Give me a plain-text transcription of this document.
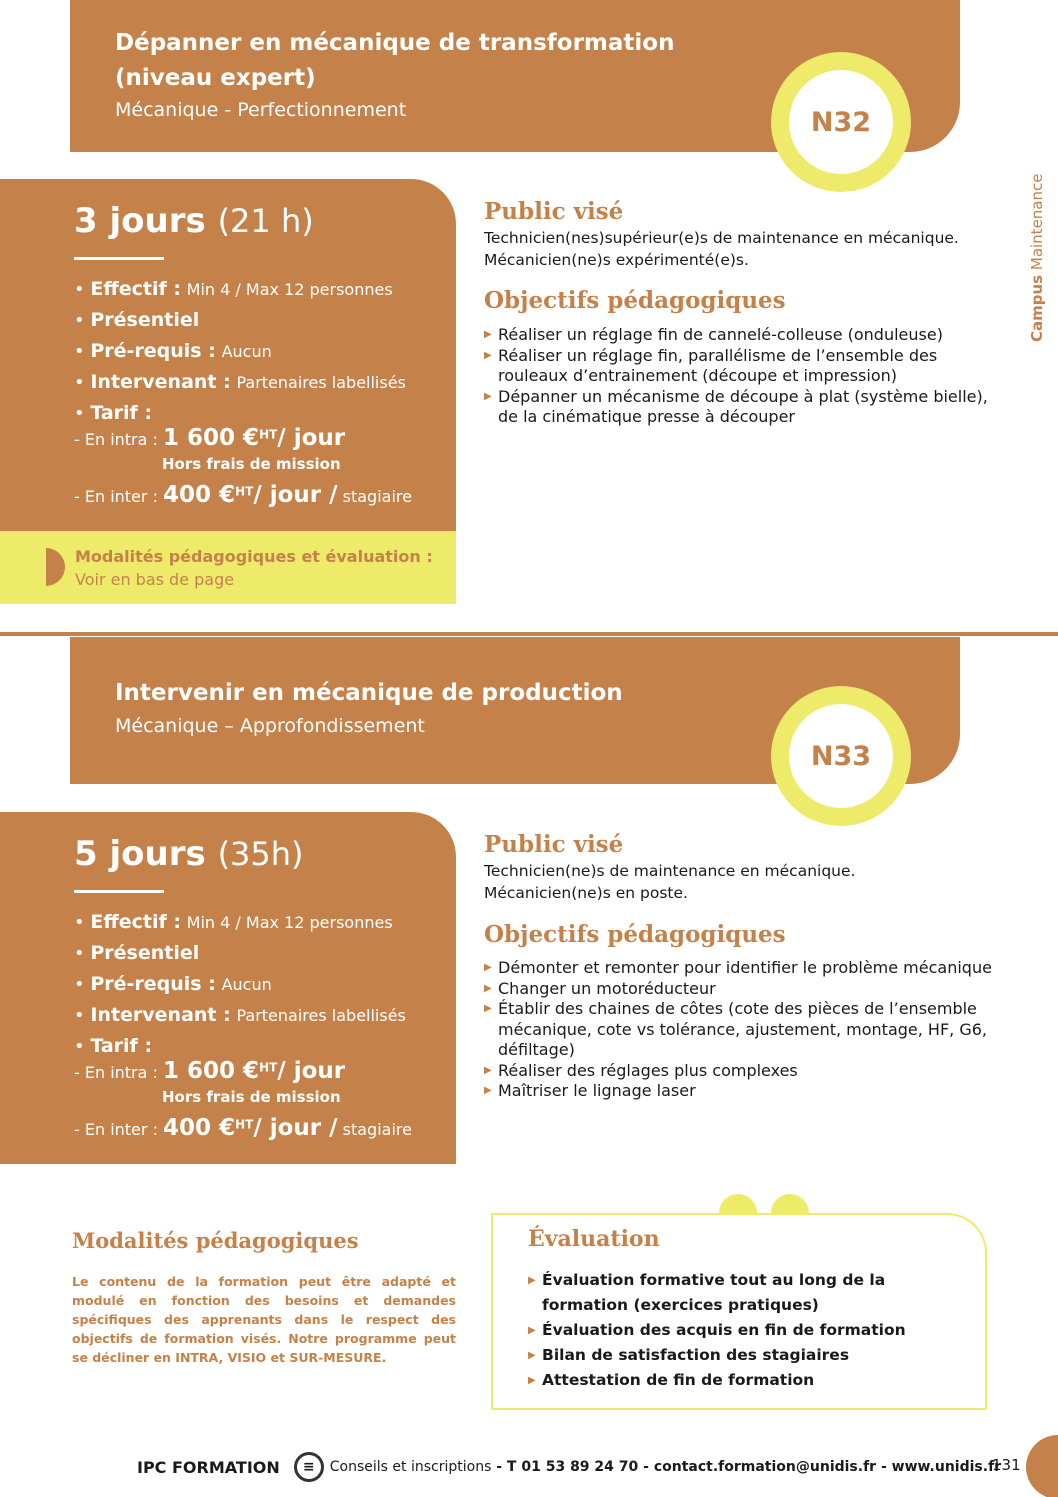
Campus Maintenance
Dépanner en mécanique de transformation
(niveau expert)
Mécanique - Perfectionnement	N32
3 jours (21 h)
• Effectif : Min 4 / Max 12 personnes
• Présentiel
• Pré-requis : Aucun
• Intervenant : Partenaires labellisés
• Tarif :
- En intra : 1 600 €$^{HT}$/ jour
Hors frais de mission
- En inter : 400 €$^{HT}$/ jour / stagiaire
Modalités pédagogiques et évaluation :
Voir en bas de page
Public visé
Technicien(nes)supérieur(e)s de maintenance en mécanique.
Mécanicien(ne)s expérimenté(e)s.
Objectifs pédagogiques
▶ Réaliser un réglage fin de cannelé-colleuse (onduleuse)
▶ Réaliser un réglage fin, parallélisme de l’ensemble des rouleaux d’entrainement (découpe et impression)
▶ Dépanner un mécanisme de découpe à plat (système bielle), de la cinématique presse à découper
Intervenir en mécanique de production
Mécanique – Approfondissement
N33
5 jours (35h)
• Effectif : Min 4 / Max 12 personnes
• Présentiel
• Pré-requis : Aucun
• Intervenant : Partenaires labellisés
• Tarif :
- En intra : 1 600 €$^{HT}$/ jour
Hors frais de mission
- En inter : 400 €$^{HT}$/ jour / stagiaire
Public visé
Technicien(ne)s de maintenance en mécanique.
Mécanicien(ne)s en poste.
Objectifs pédagogiques
▶ Démonter et remonter pour identifier le problème mécanique
▶ Changer un motoréducteur
▶ Établir des chaines de côtes (cote des pièces de l’ensemble mécanique, cote vs tolérance, ajustement, montage, HF, G6, défiltage)
▶ Réaliser des réglages plus complexes
▶ Maîtriser le lignage laser
Modalités pédagogiques
Le contenu de la formation peut être adapté et modulé en fonction des besoins et demandes spécifiques des apprenants dans le respect des objectifs de formation visés. Notre programme peut se décliner en INTRA, VISIO et SUR-MESURE.
Évaluation
▶ Évaluation formative tout au long de la formation (exercices pratiques)
▶ Évaluation des acquis en fin de formation
▶ Bilan de satisfaction des stagiaires
▶ Attestation de fin de formation
IPC FORMATION	≡	Conseils et inscriptions - T 01 53 89 24 70 - contact.formation@unidis.fr - www.unidis.fr
131
